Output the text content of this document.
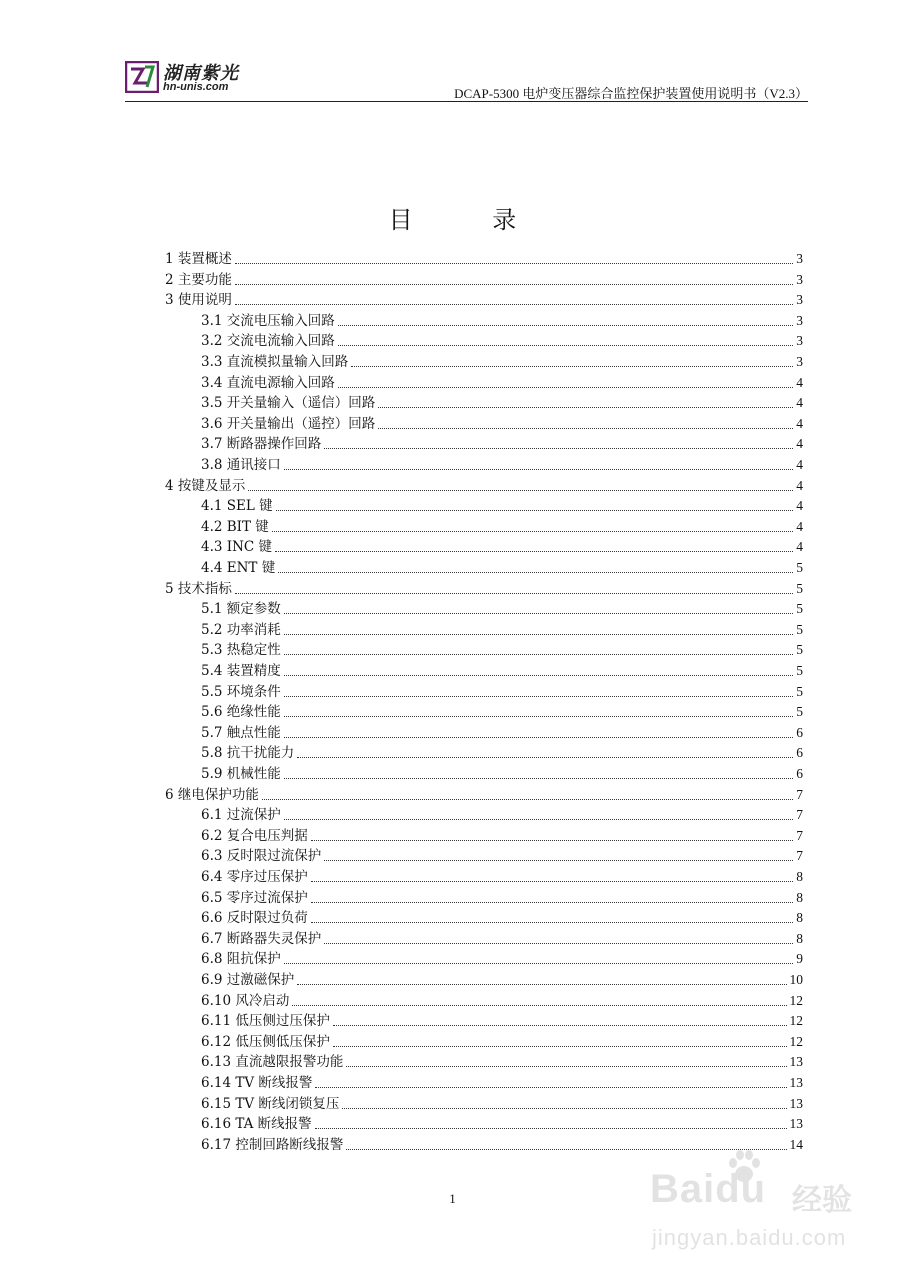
湖南紫光
hn-unis.com	DCAP-5300 电炉变压器综合监控保护装置使用说明书（V2.3）
目 录
1 装置概述	3
2 主要功能	3
3 使用说明	3
3.1 交流电压输入回路	3
3.2 交流电流输入回路	3
3.3 直流模拟量输入回路	3
3.4 直流电源输入回路	4
3.5 开关量输入（遥信）回路	4
3.6 开关量输出（遥控）回路	4
3.7 断路器操作回路	4
3.8 通讯接口	4
4 按键及显示	4
4.1 SEL 键	4
4.2 BIT 键	4
4.3 INC 键	4
4.4 ENT 键	5
5 技术指标	5
5.1 额定参数	5
5.2 功率消耗	5
5.3 热稳定性	5
5.4 装置精度	5
5.5 环境条件	5
5.6 绝缘性能	5
5.7 触点性能	6
5.8 抗干扰能力	6
5.9 机械性能	6
6 继电保护功能	7
6.1 过流保护	7
6.2 复合电压判据	7
6.3 反时限过流保护	7
6.4 零序过压保护	8
6.5 零序过流保护	8
6.6 反时限过负荷	8
6.7 断路器失灵保护	8
6.8 阻抗保护	9
6.9 过激磁保护	10
6.10 风冷启动	12
6.11 低压侧过压保护	12
6.12 低压侧低压保护	12
6.13 直流越限报警功能	13
6.14 TV 断线报警	13
6.15 TV 断线闭锁复压	13
6.16 TA 断线报警	13
6.17 控制回路断线报警	14
1	Baidu 经验
jingyan.baidu.com
